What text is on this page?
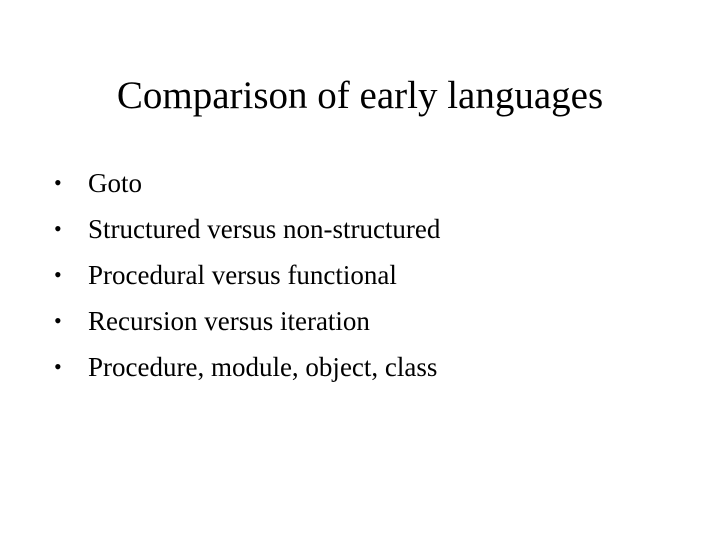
Comparison of early languages
• Goto
• Structured versus non-structured
• Procedural versus functional
• Recursion versus iteration
• Procedure, module, object, class
